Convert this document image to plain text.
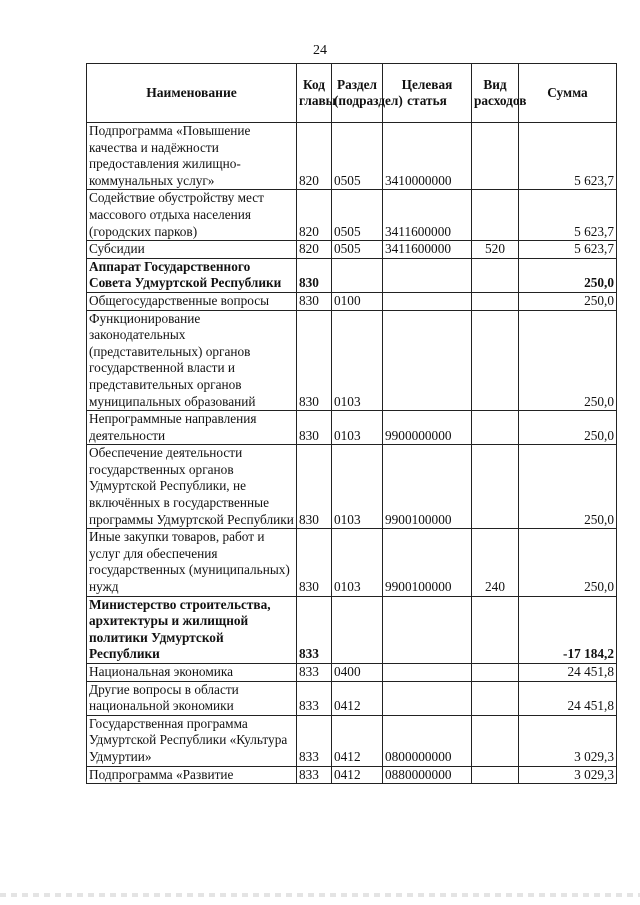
24
Наименование	Код главы	Раздел (подраздел)	Целевая статья	Вид расходов	Сумма
Подпрограмма «Повышение качества и надёжности предоставления жилищно-коммунальных услуг»	820	0505	3410000000		5 623,7
Содействие обустройству мест массового отдыха населения (городских парков)	820	0505	3411600000		5 623,7
Субсидии	820	0505	3411600000	520	5 623,7
Аппарат Государственного Совета Удмуртской Республики	830				250,0
Общегосударственные вопросы	830	0100			250,0
Функционирование законодательных (представительных) органов государственной власти и представительных органов муниципальных образований	830	0103			250,0
Непрограммные направления деятельности	830	0103	9900000000		250,0
Обеспечение деятельности государственных органов Удмуртской Республики, не включённых в государственные программы Удмуртской Республики	830	0103	9900100000		250,0
Иные закупки товаров, работ и услуг для обеспечения государственных (муниципальных) нужд	830	0103	9900100000	240	250,0
Министерство строительства, архитектуры и жилищной политики Удмуртской Республики	833				-17 184,2
Национальная экономика	833	0400			24 451,8
Другие вопросы в области национальной экономики	833	0412			24 451,8
Государственная программа Удмуртской Республики «Культура Удмуртии»	833	0412	0800000000		3 029,3
Подпрограмма «Развитие	833	0412	0880000000		3 029,3
